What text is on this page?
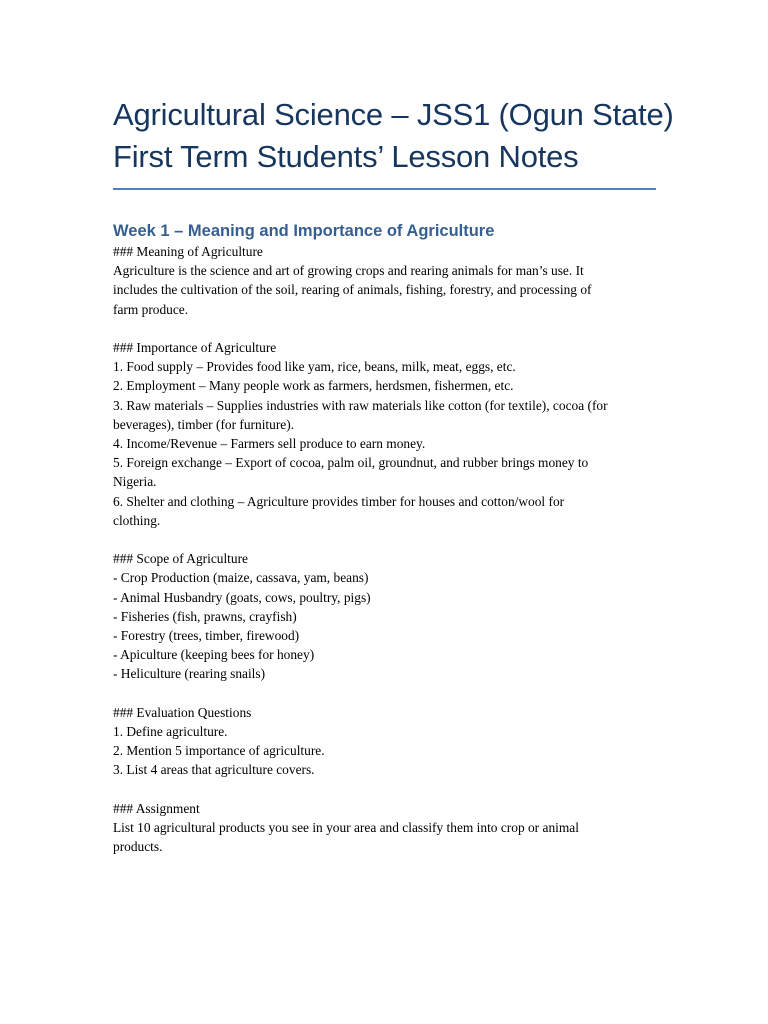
Agricultural Science – JSS1 (Ogun State)
First Term Students’ Lesson Notes
Week 1 – Meaning and Importance of Agriculture
### Meaning of Agriculture
Agriculture is the science and art of growing crops and rearing animals for man’s use. It
includes the cultivation of the soil, rearing of animals, fishing, forestry, and processing of
farm produce.
### Importance of Agriculture
1. Food supply – Provides food like yam, rice, beans, milk, meat, eggs, etc.
2. Employment – Many people work as farmers, herdsmen, fishermen, etc.
3. Raw materials – Supplies industries with raw materials like cotton (for textile), cocoa (for
beverages), timber (for furniture).
4. Income/Revenue – Farmers sell produce to earn money.
5. Foreign exchange – Export of cocoa, palm oil, groundnut, and rubber brings money to
Nigeria.
6. Shelter and clothing – Agriculture provides timber for houses and cotton/wool for
clothing.
### Scope of Agriculture
- Crop Production (maize, cassava, yam, beans)
- Animal Husbandry (goats, cows, poultry, pigs)
- Fisheries (fish, prawns, crayfish)
- Forestry (trees, timber, firewood)
- Apiculture (keeping bees for honey)
- Heliculture (rearing snails)
### Evaluation Questions
1. Define agriculture.
2. Mention 5 importance of agriculture.
3. List 4 areas that agriculture covers.
### Assignment
List 10 agricultural products you see in your area and classify them into crop or animal
products.
